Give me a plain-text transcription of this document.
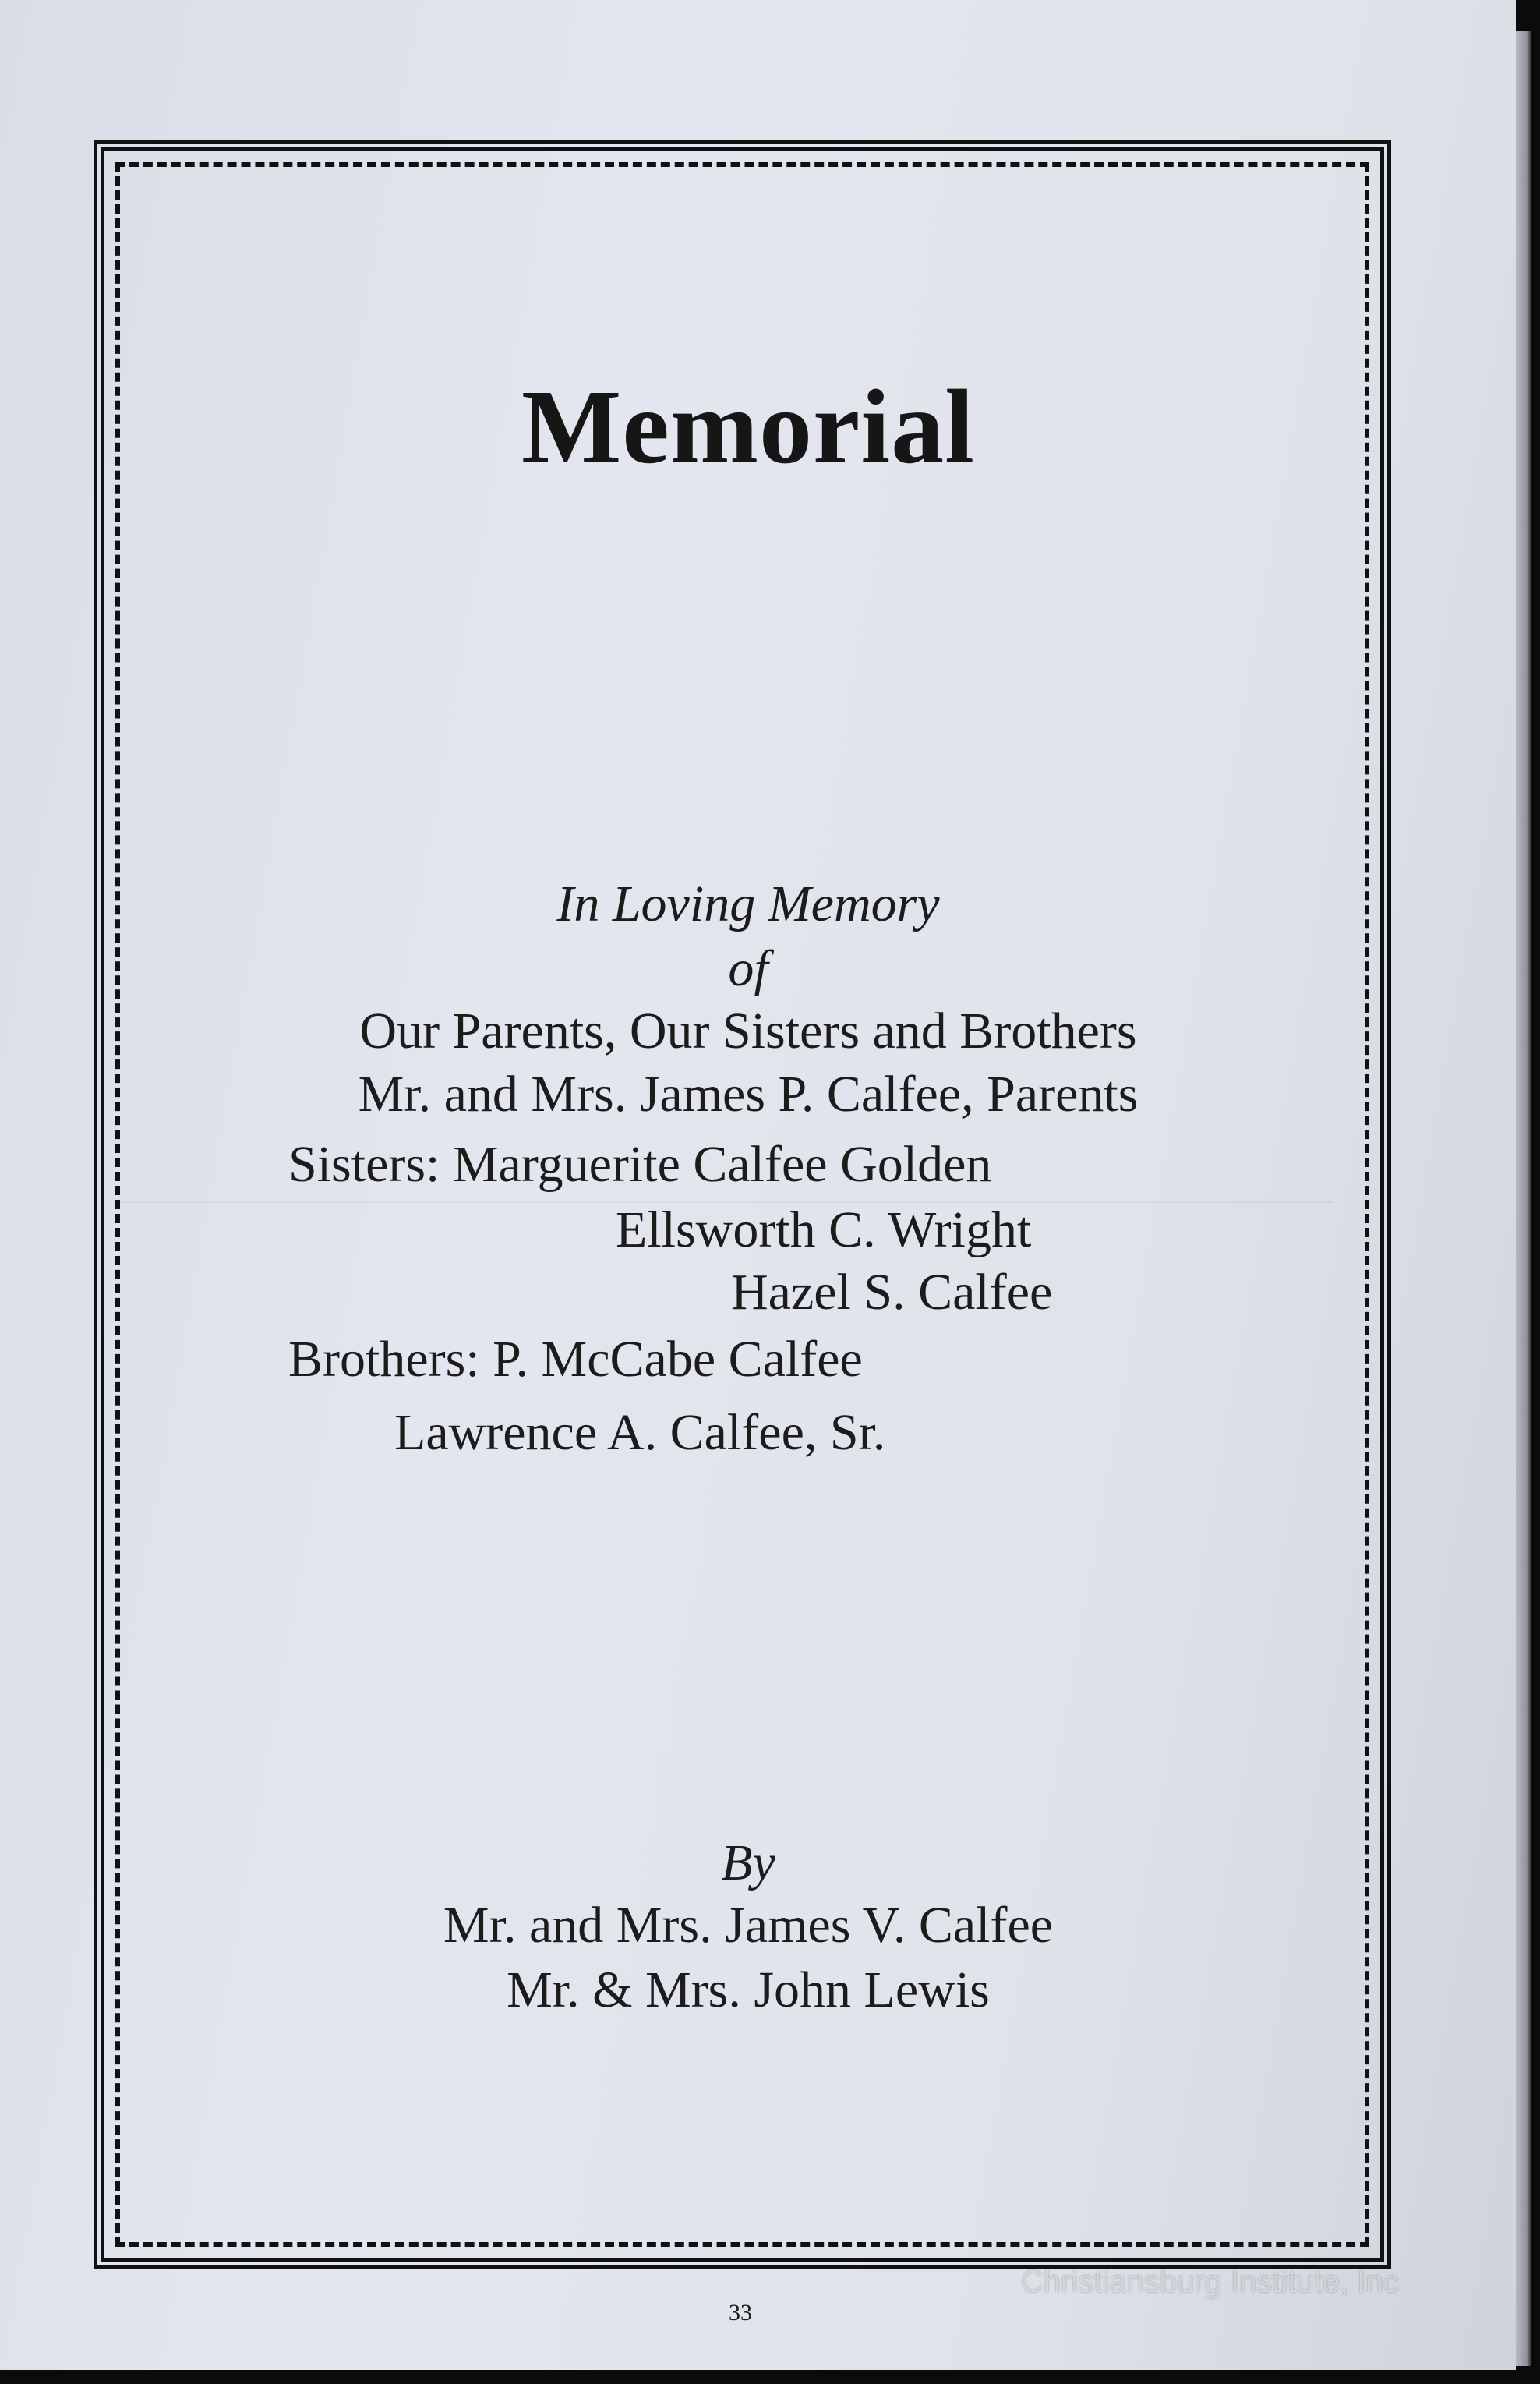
Memorial
In Loving Memory
of
Our Parents, Our Sisters and Brothers
Mr. and Mrs. James P. Calfee, Parents
Sisters: Marguerite Calfee Golden
Ellsworth C. Wright
Hazel S. Calfee
Brothers: P. McCabe Calfee
Lawrence A. Calfee, Sr.
By
Mr. and Mrs. James V. Calfee
Mr. & Mrs. John Lewis
33
Christiansburg Institute, Inc
